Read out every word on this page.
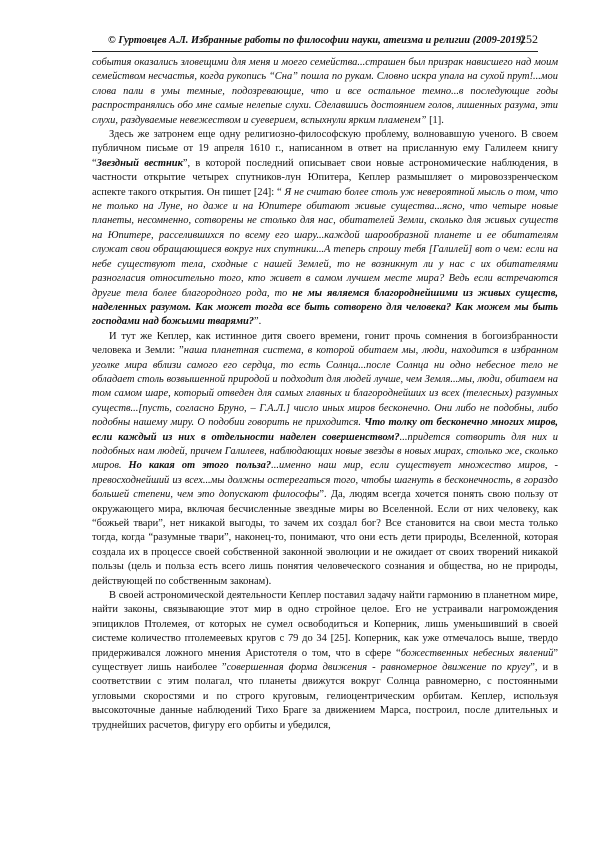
© Гуртовцев А.Л. Избранные работы по философии науки, атеизма и религии (2009-2019)
252

события оказались зловещими для меня и моего семейства...страшен был призрак нависшего над моим семейством несчастья, когда рукопись “Сна” пошла по рукам. Словно искра упала на сухой прут!...мои слова пали в умы темные, подозревающие, что и все остальное темно...в последующие годы распространялись обо мне самые нелепые слухи. Сделавшись достоянием голов, лишенных разума, эти слухи, раздуваемые невежеством и суеверием, вспыхнули ярким пламенем” [1].

Здесь же затронем еще одну религиозно-философскую проблему, волновавшую ученого. В своем публичном письме от 19 апреля 1610 г., написанном в ответ на присланную ему Галилеем книгу “Звездный вестник”, в которой последний описывает свои новые астрономические наблюдения, в частности открытие четырех спутников-лун Юпитера, Кеплер размышляет о мировоззренческом аспекте такого открытия. Он пишет [24]: “ Я не считаю более столь уж невероятной мысль о том, что не только на Луне, но даже и на Юпитере обитают живые существа...ясно, что четыре новые планеты, несомненно, сотворены не столько для нас, обитателей Земли, сколько для живых существ на Юпитере, расселившихся по всему его шару...каждой шарообразной планете и ее обитателям служат свои обращающиеся вокруг них спутники...А теперь спрошу тебя [Галилей] вот о чем: если на небе существуют тела, сходные с нашей Землей, то не возникнут ли у нас с их обитателями разногласия относительно того, кто живет в самом лучшем месте мира? Ведь если встречаются другие тела более благородного рода, то не мы являемся благороднейшими из живых существ, наделенных разумом. Как может тогда все быть сотворено для человека? Как можем мы быть господами над божьими тварями?”.

И тут же Кеплер, как истинное дитя своего времени, гонит прочь сомнения в богоизбранности человека и Земли: ”наша планетная система, в которой обитаем мы, люди, находится в избранном уголке мира вблизи самого его сердца, то есть Солнца...после Солнца ни одно небесное тело не обладает столь возвышенной природой и подходит для людей лучше, чем Земля...мы, люди, обитаем на том самом шаре, который отведен для самых главных и благороднейших из всех (телесных) разумных существ...[пусть, согласно Бруно, – Г.А.Л.] число иных миров бесконечно. Они либо не подобны, либо подобны нашему миру. О подобии говорить не приходится. Что толку от бесконечно многих миров, если каждый из них в отдельности наделен совершенством?...придется сотворить для них и подобных нам людей, причем Галилеев, наблюдающих новые звезды в новых мирах, столько же, сколько миров. Но какая от этого польза?...именно наш мир, если существует множество миров, - превосходнейший из всех...мы должны остерегаться того, чтобы шагнуть в бесконечность, в гораздо большей степени, чем это допускают философы”. Да, людям всегда хочется понять свою пользу от окружающего мира, включая бесчисленные звездные миры во Вселенной. Если от них человеку, как “божьей твари”, нет никакой выгоды, то зачем их создал бог? Все становится на свои места только тогда, когда “разумные твари”, наконец-то, понимают, что они есть дети природы, Вселенной, которая создала их в процессе своей собственной законной эволюции и не ожидает от своих творений никакой пользы (цель и польза есть всего лишь понятия человеческого сознания и общества, но не природы, действующей по собственным законам).

В своей астрономической деятельности Кеплер поставил задачу найти гармонию в планетном мире, найти законы, связывающие этот мир в одно стройное целое. Его не устраивали нагромождения эпициклов Птолемея, от которых не сумел освободиться и Коперник, лишь уменьшивший в своей системе количество птолемеевых кругов с 79 до 34 [25]. Коперник, как уже отмечалось выше, твердо придерживался ложного мнения Аристотеля о том, что в сфере “божественных небесных явлений” существует лишь наиболее ”совершенная форма движения - равномерное движение по кругу”, и в соответствии с этим полагал, что планеты движутся вокруг Солнца равномерно, с постоянными угловыми скоростями и по строго круговым, гелиоцентрическим орбитам. Кеплер, используя высокоточные данные наблюдений Тихо Браге за движением Марса, построил, после длительных и труднейших расчетов, фигуру его орбиты и убедился,
